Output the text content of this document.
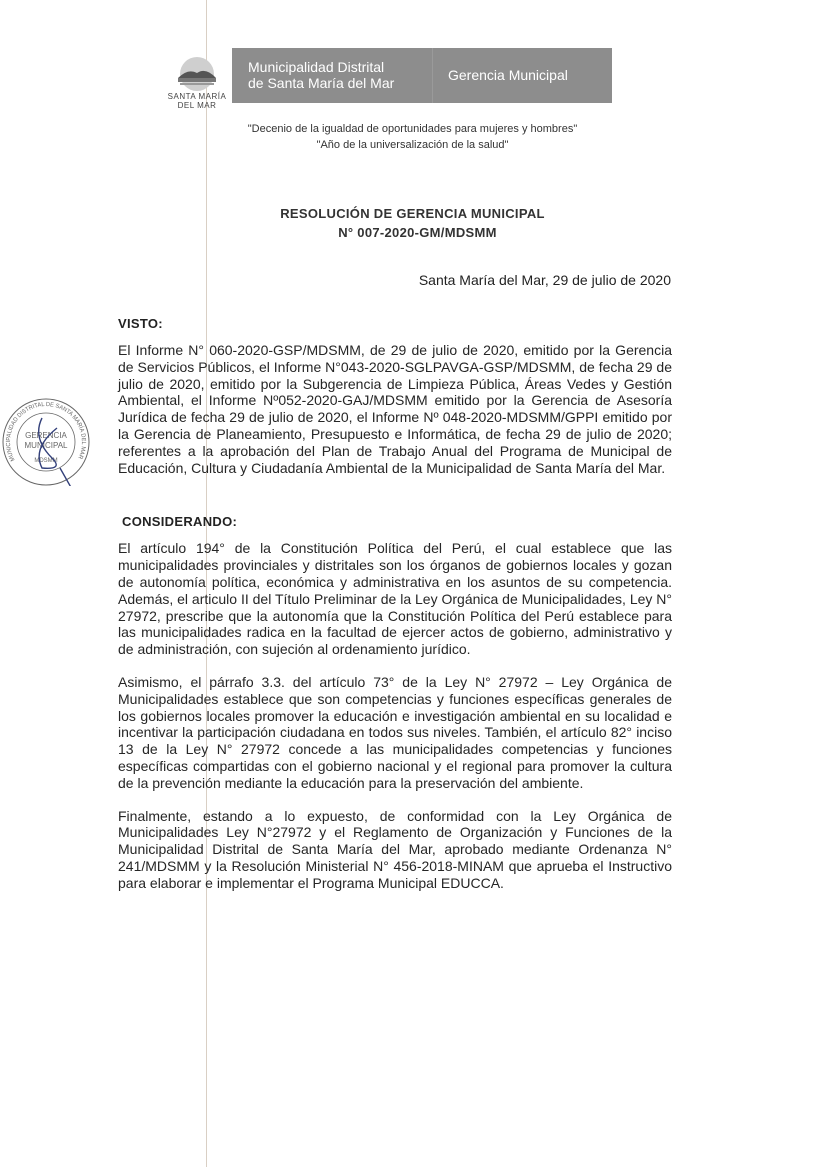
SANTA MARÍA
DEL MAR
Municipalidad Distrital
de Santa María del Mar	Gerencia Municipal
"Decenio de la igualdad de oportunidades para mujeres y hombres"
"Año de la universalización de la salud"
RESOLUCIÓN DE GERENCIA MUNICIPAL
N° 007-2020-GM/MDSMM
Santa María del Mar, 29 de julio de 2020
VISTO:
El Informe N° 060-2020-GSP/MDSMM, de 29 de julio de 2020, emitido por la Gerencia de Servicios Públicos, el Informe N°043-2020-SGLPAVGA-GSP/MDSMM, de fecha 29 de julio de 2020, emitido por la Subgerencia de Limpieza Pública, Áreas Vedes y Gestión Ambiental, el Informe Nº052-2020-GAJ/MDSMM emitido por la Gerencia de Asesoría Jurídica de fecha 29 de julio de 2020, el Informe Nº 048-2020-MDSMM/GPPI emitido por la Gerencia de Planeamiento, Presupuesto e Informática, de fecha 29 de julio de 2020; referentes a la aprobación del Plan de Trabajo Anual del Programa de Municipal de Educación, Cultura y Ciudadanía Ambiental de la Municipalidad de Santa María del Mar.
CONSIDERANDO:
El artículo 194° de la Constitución Política del Perú, el cual establece que las municipalidades provinciales y distritales son los órganos de gobiernos locales y gozan de autonomía política, económica y administrativa en los asuntos de su competencia. Además, el articulo II del Título Preliminar de la Ley Orgánica de Municipalidades, Ley N° 27972, prescribe que la autonomía que la Constitución Política del Perú establece para las municipalidades radica en la facultad de ejercer actos de gobierno, administrativo y de administración, con sujeción al ordenamiento jurídico.
Asimismo, el párrafo 3.3. del artículo 73° de la Ley N° 27972 – Ley Orgánica de Municipalidades establece que son competencias y funciones específicas generales de los gobiernos locales promover la educación e investigación ambiental en su localidad e incentivar la participación ciudadana en todos sus niveles. También, el artículo 82° inciso 13 de la Ley N° 27972 concede a las municipalidades competencias y funciones específicas compartidas con el gobierno nacional y el regional para promover la cultura de la prevención mediante la educación para la preservación del ambiente.
Finalmente, estando a lo expuesto, de conformidad con la Ley Orgánica de Municipalidades Ley N°27972 y el Reglamento de Organización y Funciones de la Municipalidad Distrital de Santa María del Mar, aprobado mediante Ordenanza N° 241/MDSMM y la Resolución Ministerial N° 456-2018-MINAM que aprueba el Instructivo para elaborar e implementar el Programa Municipal EDUCCA.
MUNICIPALIDAD DISTRITAL DE SANTA MARÍA DEL MAR
GERENCIA
MUNICIPAL
MDSMM
